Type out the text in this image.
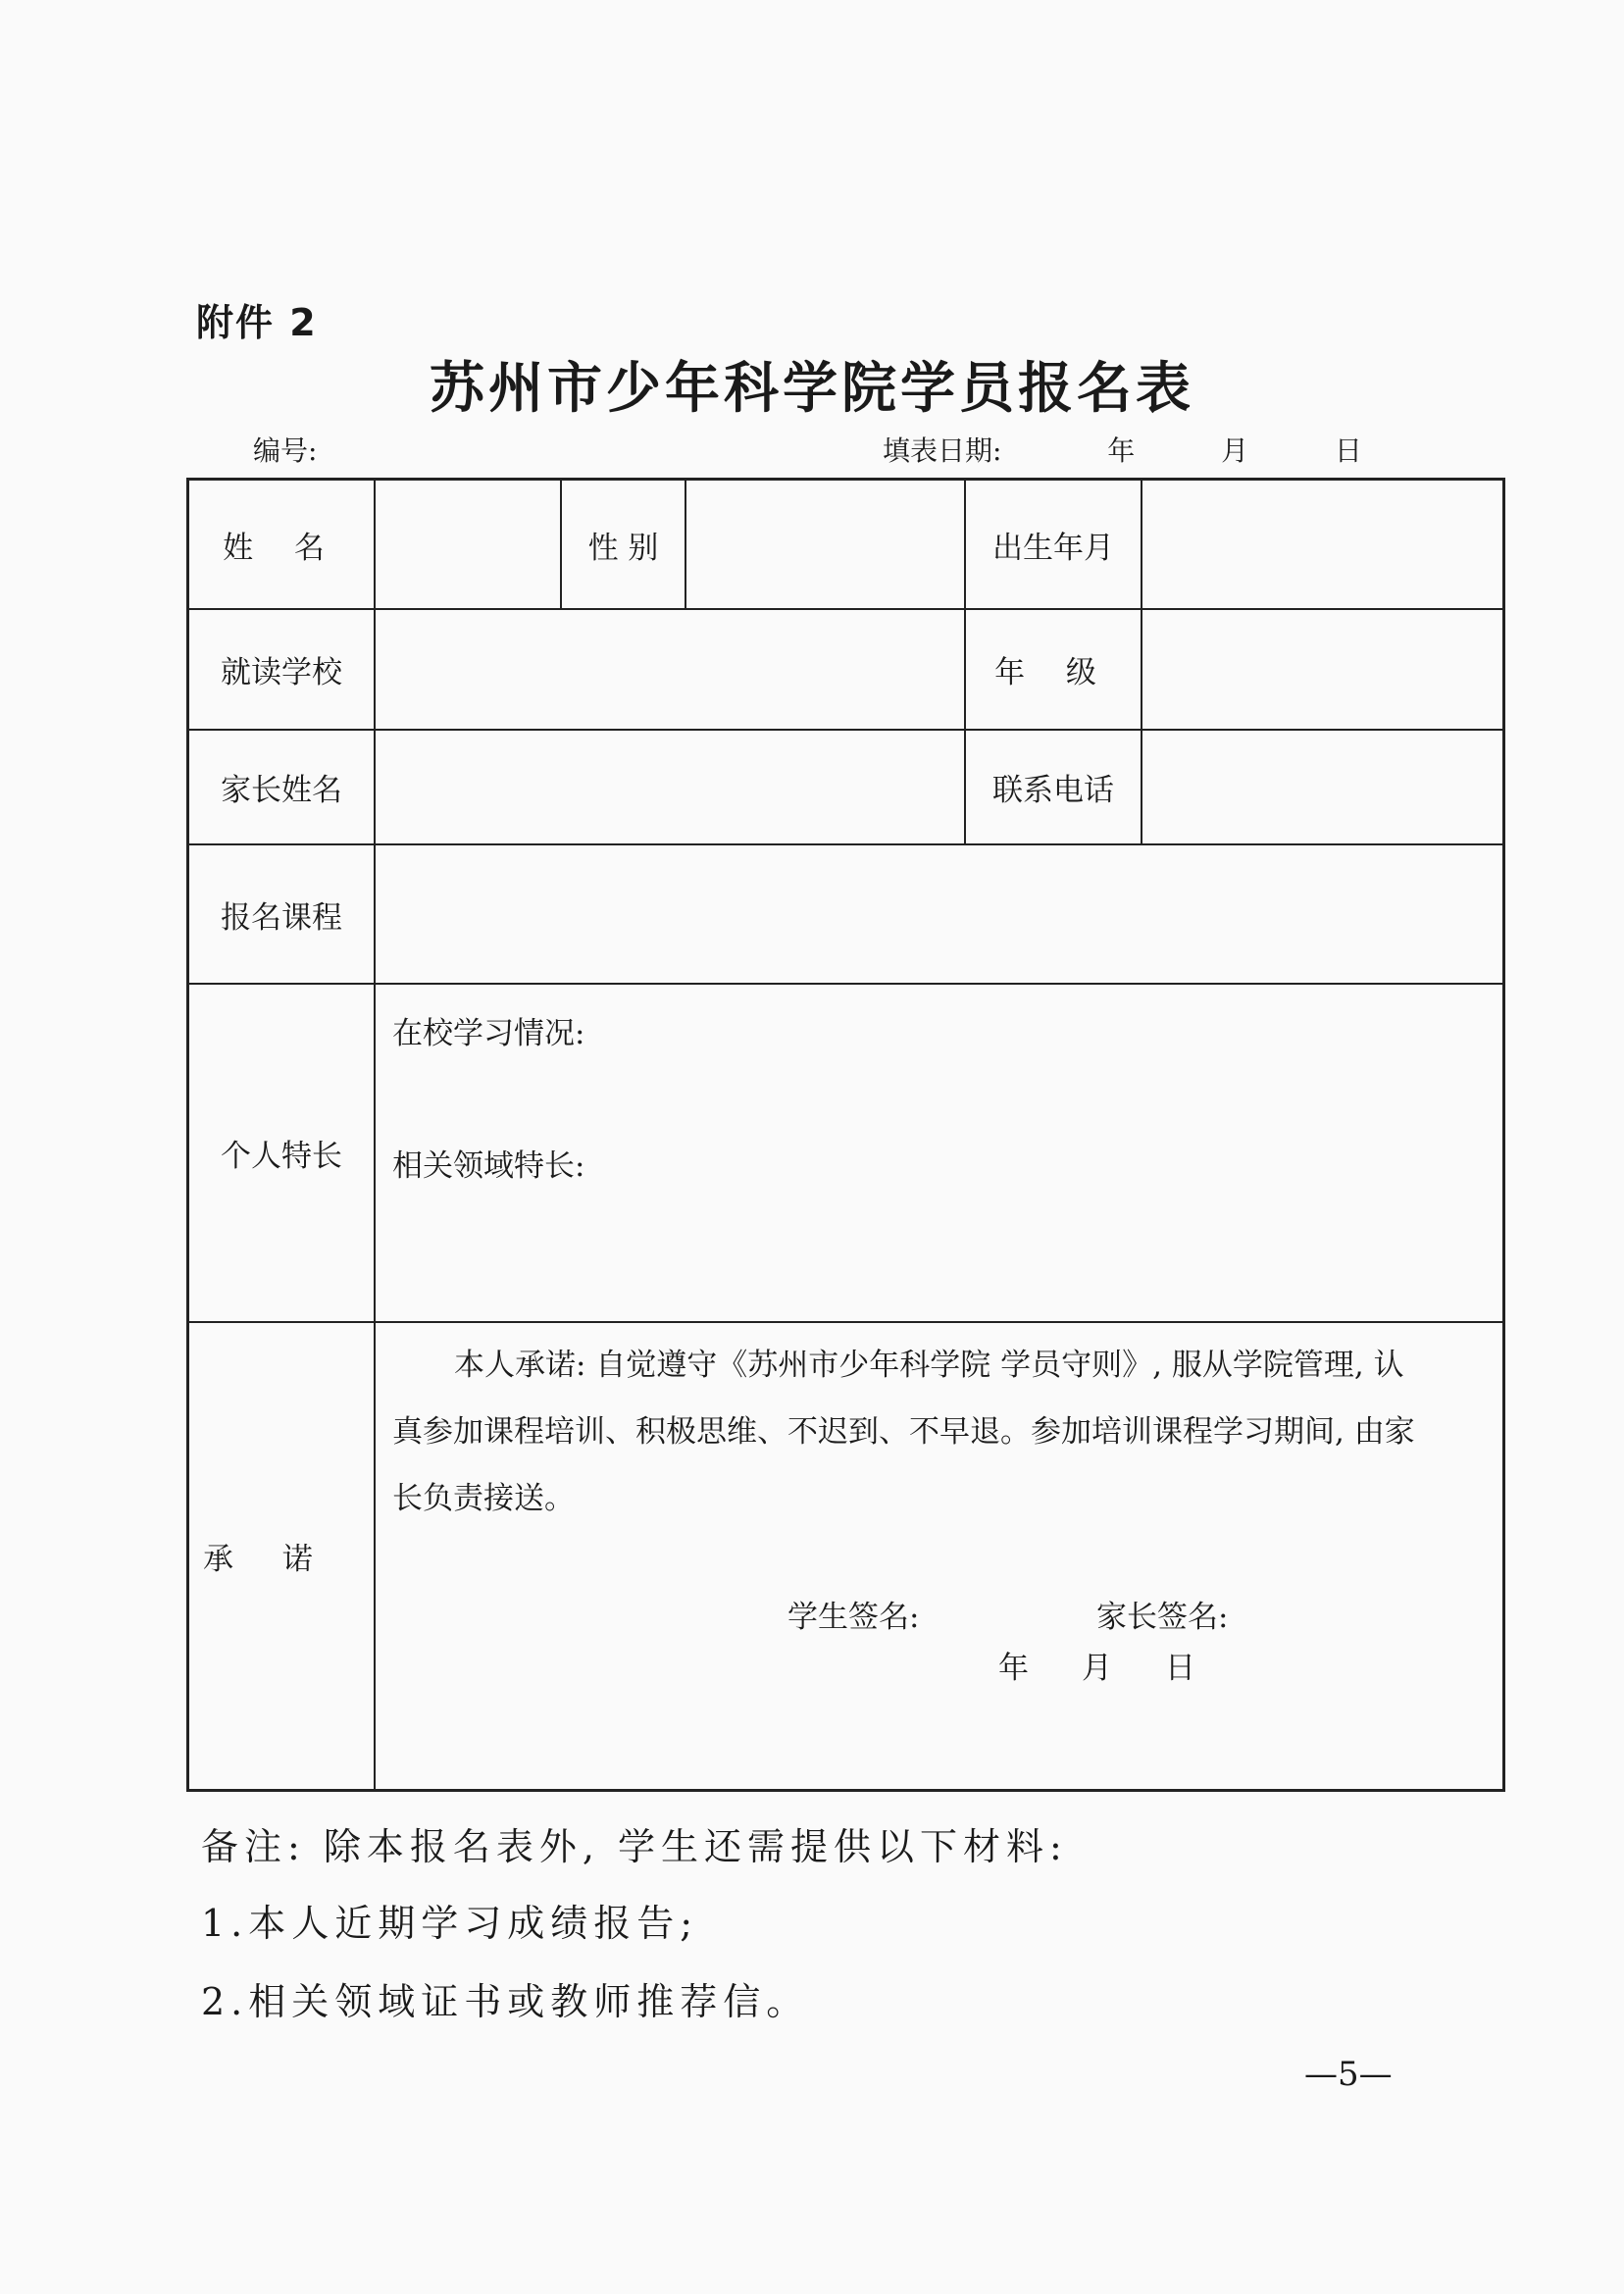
附件 2
苏州市少年科学院学员报名表
编号:	填表日期:	年	月	日
姓 名	性 别	出生年月
就读学校	年 级
家长姓名	联系电话
报名课程
个人特长
在校学习情况:
相关领域特长:
承 诺
本人承诺: 自觉遵守《苏州市少年科学院 学员守则》, 服从学院管理, 认
真参加课程培训、积极思维、不迟到、不早退。参加培训课程学习期间, 由家
长负责接送。
学生签名:	家长签名:
年 月 日
备注: 除本报名表外, 学生还需提供以下材料:
1.本人近期学习成绩报告;
2.相关领域证书或教师推荐信。
—5—
